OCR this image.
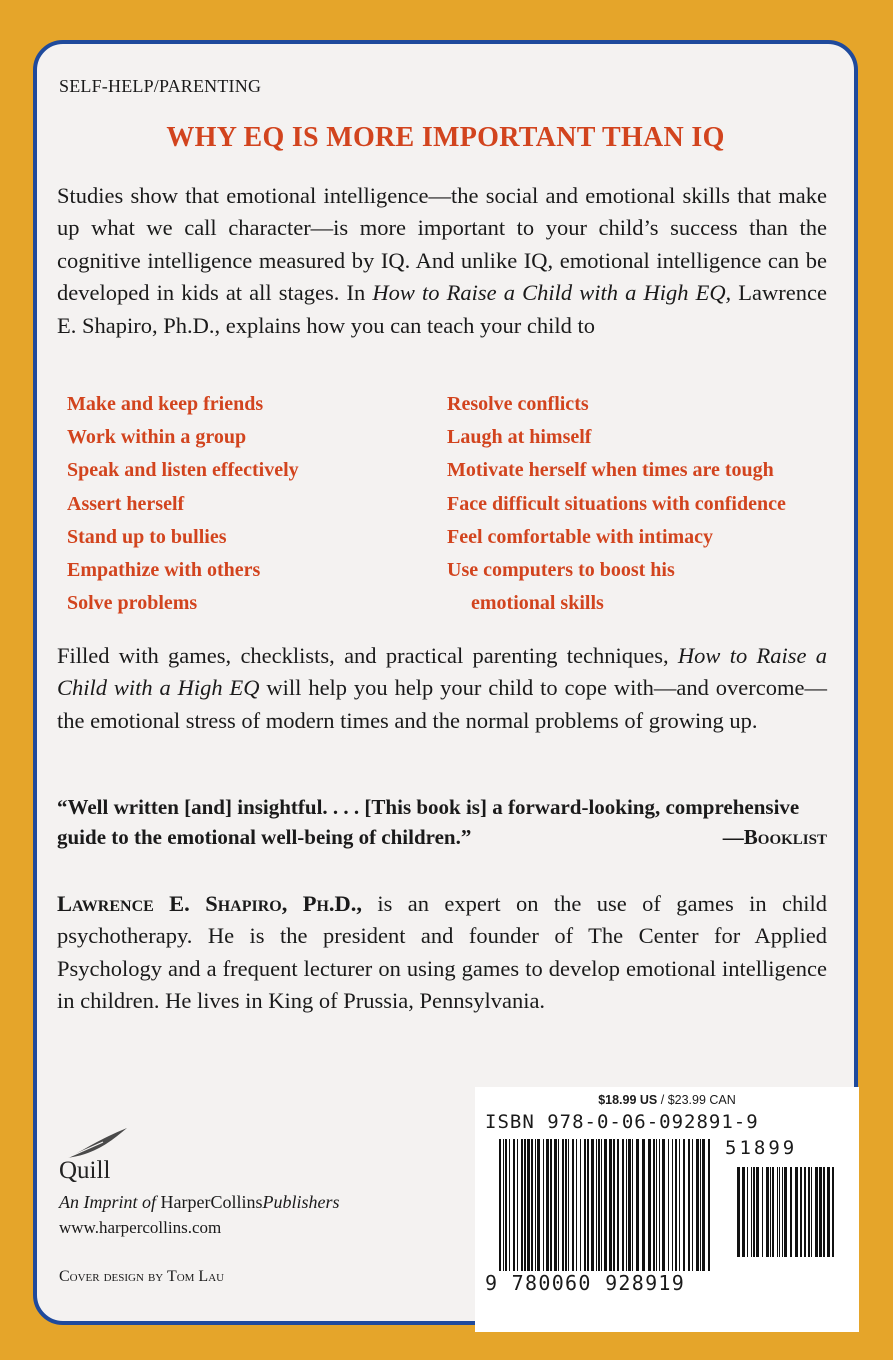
SELF-HELP/PARENTING
WHY EQ IS MORE IMPORTANT THAN IQ

Studies show that emotional intelligence—the social and emotional skills that make up what we call character—is more important to your child’s success than the cognitive intelligence measured by IQ. And unlike IQ, emotional intelligence can be developed in kids at all stages. In How to Raise a Child with a High EQ, Lawrence E. Shapiro, Ph.D., explains how you can teach your child to

Make and keep friends
Work within a group
Speak and listen effectively
Assert herself
Stand up to bullies
Empathize with others
Solve problems
Resolve conflicts
Laugh at himself
Motivate herself when times are tough
Face difficult situations with confidence
Feel comfortable with intimacy
Use computers to boost his
emotional skills

Filled with games, checklists, and practical parenting techniques, How to Raise a Child with a High EQ will help you help your child to cope with—and overcome—the emotional stress of modern times and the normal problems of growing up.

“Well written [and] insightful. . . . [This book is] a forward-looking, comprehensive guide to the emotional well-being of children.”	—Booklist

Lawrence E. Shapiro, Ph.D., is an expert on the use of games in child psychotherapy. He is the president and founder of The Center for Applied Psychology and a frequent lecturer on using games to develop emotional intelligence in children. He lives in King of Prussia, Pennsylvania.

Quill
An Imprint of HarperCollinsPublishers
www.harpercollins.com
Cover design by Tom Lau
$18.99 US / $23.99 CAN
ISBN 978-0-06-092891-9
51899
9 780060 928919
